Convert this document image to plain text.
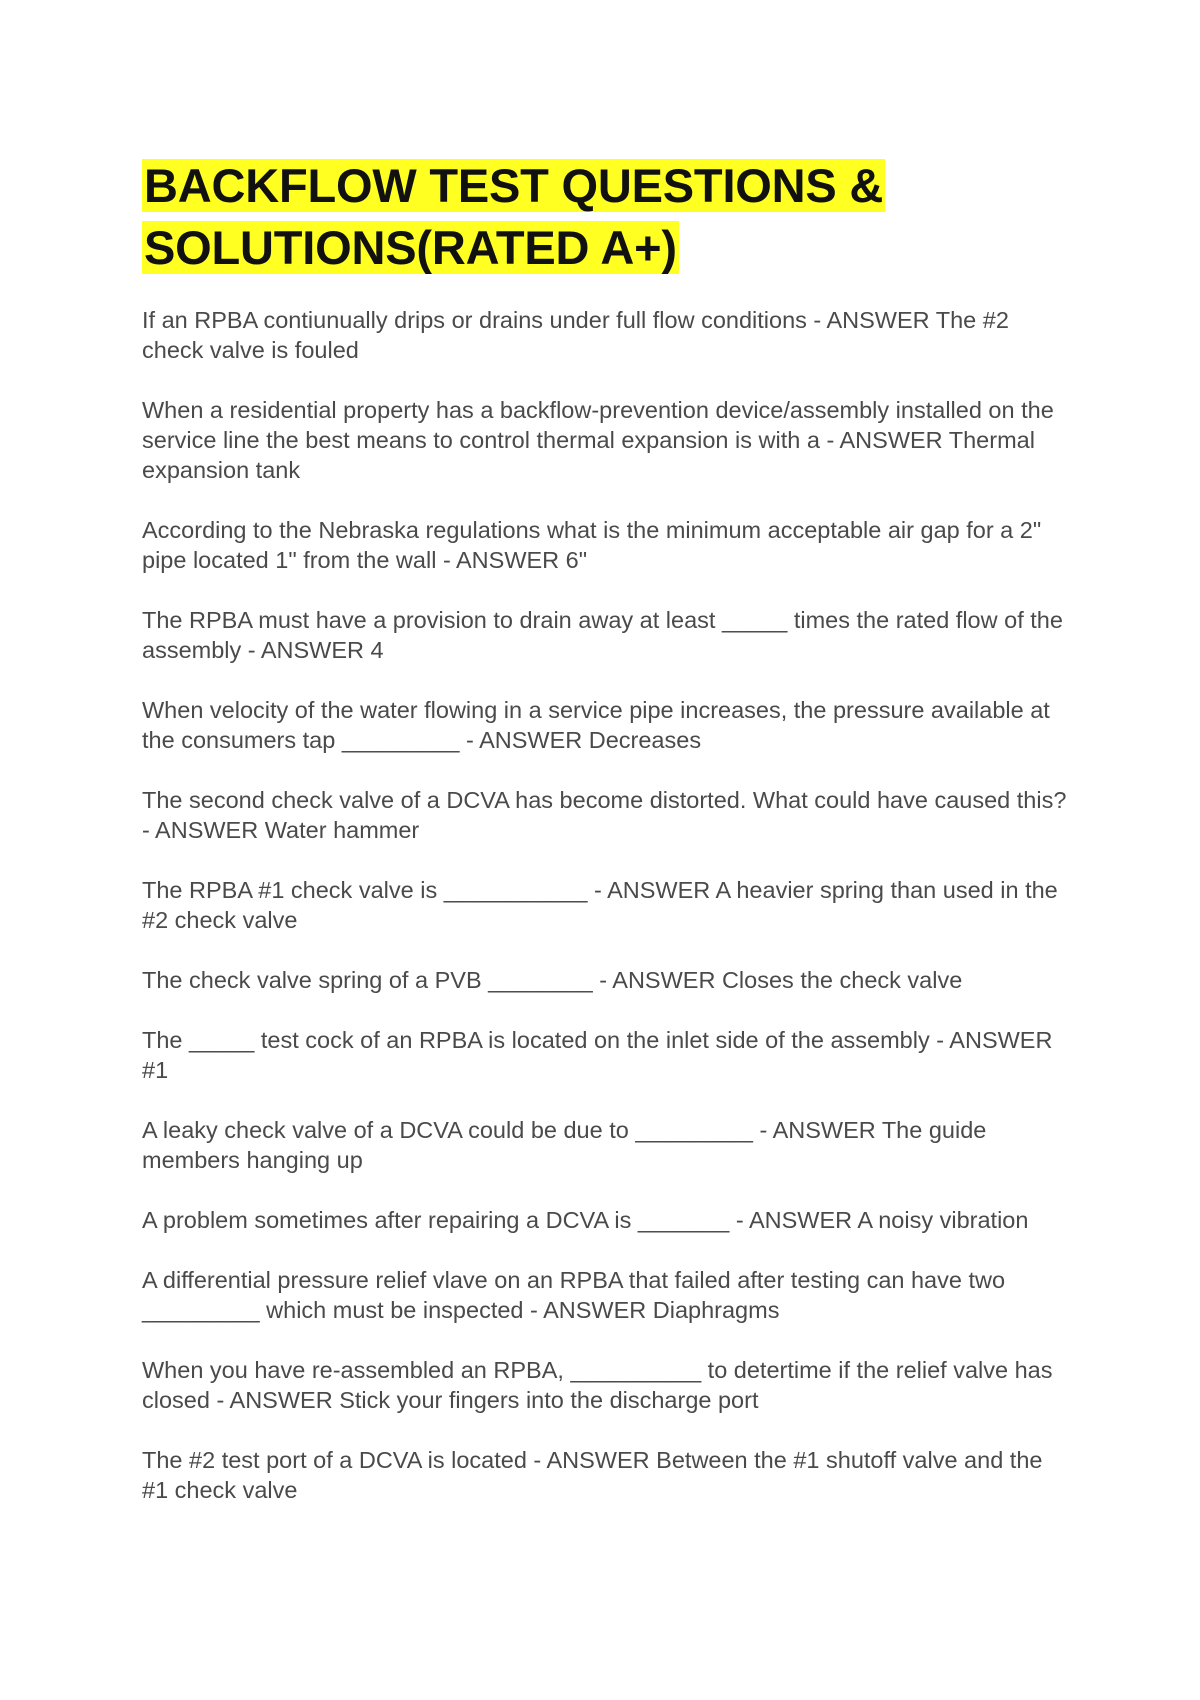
BACKFLOW TEST QUESTIONS & SOLUTIONS(RATED A+)

If an RPBA contiunually drips or drains under full flow conditions - ANSWER The #2 check valve is fouled

When a residential property has a backflow-prevention device/assembly installed on the service line the best means to control thermal expansion is with a - ANSWER Thermal expansion tank

According to the Nebraska regulations what is the minimum acceptable air gap for a 2" pipe located 1" from the wall - ANSWER 6"

The RPBA must have a provision to drain away at least _____ times the rated flow of the assembly - ANSWER 4

When velocity of the water flowing in a service pipe increases, the pressure available at the consumers tap _________ - ANSWER Decreases

The second check valve of a DCVA has become distorted. What could have caused this? - ANSWER Water hammer

The RPBA #1 check valve is ___________ - ANSWER A heavier spring than used in the #2 check valve

The check valve spring of a PVB ________ - ANSWER Closes the check valve

The _____ test cock of an RPBA is located on the inlet side of the assembly - ANSWER #1

A leaky check valve of a DCVA could be due to _________ - ANSWER The guide members hanging up

A problem sometimes after repairing a DCVA is _______ - ANSWER A noisy vibration

A differential pressure relief vlave on an RPBA that failed after testing can have two _________ which must be inspected - ANSWER Diaphragms

When you have re-assembled an RPBA, __________ to detertime if the relief valve has closed - ANSWER Stick your fingers into the discharge port

The #2 test port of a DCVA is located - ANSWER Between the #1 shutoff valve and the #1 check valve
